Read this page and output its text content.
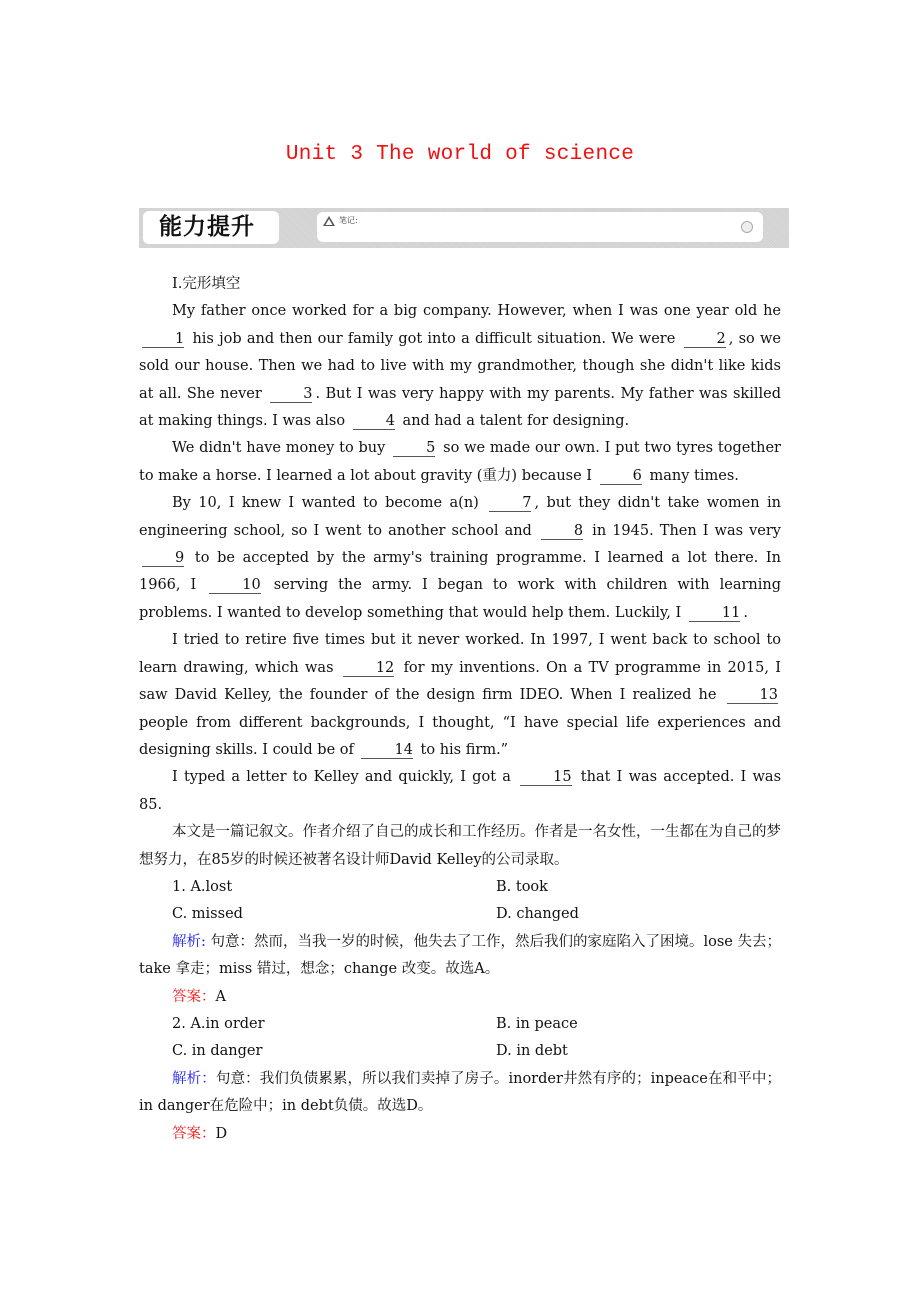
Unit 3 The world of science
能力提升	笔记:

Ⅰ.完形填空

My father once worked for a big company. However, when I was one year old he 1 his job and then our family got into a difficult situation. We were 2 , so we sold our house. Then we had to live with my grandmother, though she didn't like kids at all. She never 3 . But I was very happy with my parents. My father was skilled at making things. I was also 4 and had a talent for designing.

We didn't have money to buy 5 so we made our own. I put two tyres together to make a horse. I learned a lot about gravity (重力) because I 6 many times.

By 10, I knew I wanted to become a(n) 7 , but they didn't take women in engineering school, so I went to another school and 8 in 1945. Then I was very 9 to be accepted by the army's training programme. I learned a lot there. In 1966, I 10 serving the army. I began to work with children with learning problems. I wanted to develop something that would help them. Luckily, I 11 .

I tried to retire five times but it never worked. In 1997, I went back to school to learn drawing, which was 12 for my inventions. On a TV programme in 2015, I saw David Kelley, the founder of the design firm IDEO. When I realized he 13 people from different backgrounds, I thought, “I have special life experiences and designing skills. I could be of 14 to his firm.”

I typed a letter to Kelley and quickly, I got a 15 that I was accepted. I was 85.

本文是一篇记叙文。作者介绍了自己的成长和工作经历。作者是一名女性，一生都在为自己的梦想努力，在85岁的时候还被著名设计师David Kelley的公司录取。

1. A.lost	B. took
C. missed	D. changed

解析: 句意：然而，当我一岁的时候，他失去了工作，然后我们的家庭陷入了困境。lose 失去；take 拿走；miss 错过，想念；change 改变。故选A。

答案：A

2. A.in order	B. in peace
C. in danger	D. in debt

解析：句意：我们负债累累，所以我们卖掉了房子。inorder井然有序的；inpeace在和平中；in danger在危险中；in debt负债。故选D。

答案：D
